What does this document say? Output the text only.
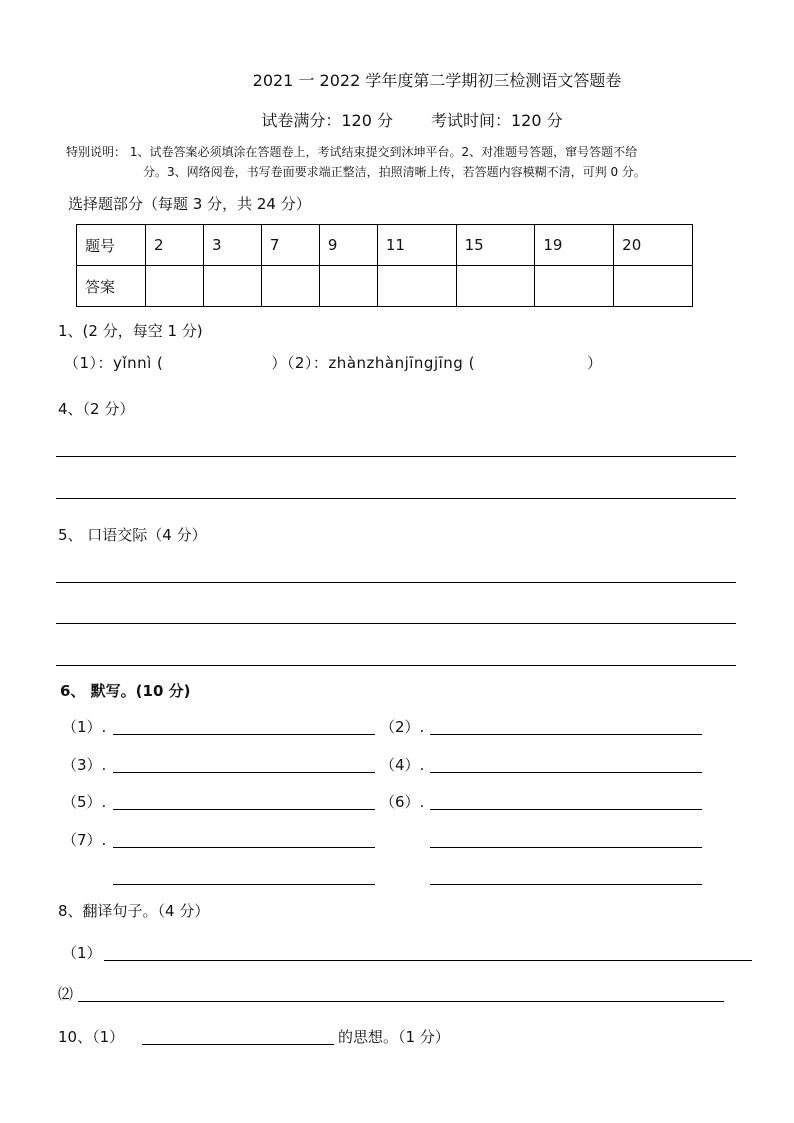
2021 一 2022 学年度第二学期初三检测语文答题卷
试卷满分：120 分 考试时间：120 分
特别说明： 1、试卷答案必须填涂在答题卷上，考试结束提交到沐坤平台。2、对准题号答题，窜号答题不给
分。3、网络阅卷，书写卷面要求端正整洁，拍照清晰上传，若答题内容模糊不清，可判 0 分。
选择题部分（每题 3 分，共 24 分）
题号	2	3	7	9	11	15	19	20
答案								
1、(2 分，每空 1 分)
（1）：yǐnnì (	）（2）：zhànzhànjīngjīng (	）
4、（2 分）
5、 口语交际（4 分）
6、 默写。(10 分)
（1）.	（2）.
（3）.	（4）.
（5）.	（6）.
（7）.
8、翻译句子。（4 分）
（1）
⑵
10、（1）	的思想。（1 分）
